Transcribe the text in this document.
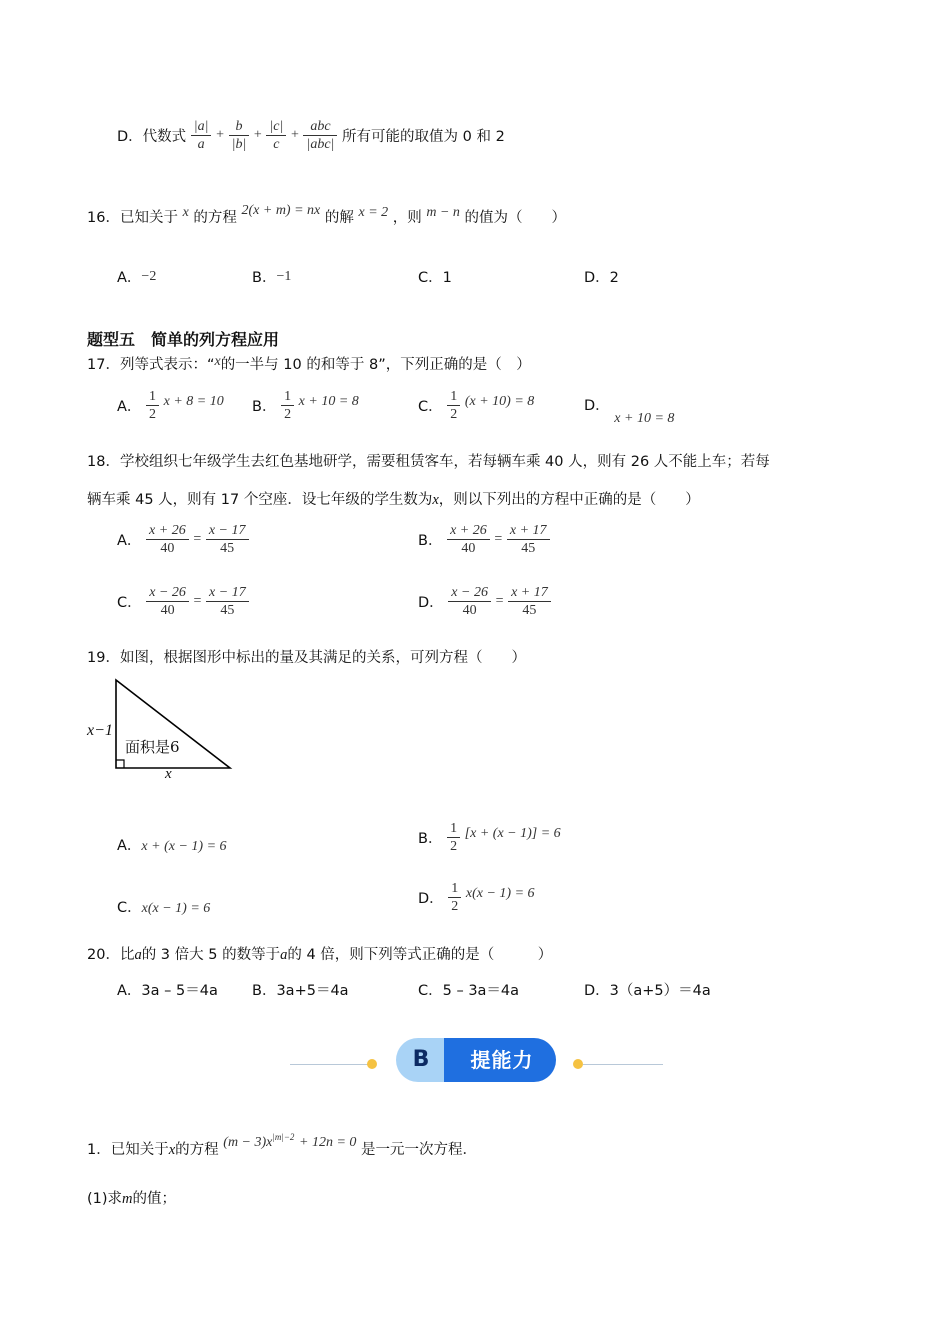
D．代数式 $\frac{|a|}{a} + \frac{b}{|b|} + \frac{|c|}{c} + \frac{\text{abc}}{\text{|abc|}}$ 所有可能的取值为 0 和 2
16．已知关于 x 的方程 2(x + m) = nx 的解 x = 2 ，则 m − n 的值为（　　）
A．−2	B．−1	C．1	D．2
题型五　简单的列方程应用
17．列等式表示：“x的一半与 10 的和等于 8”，下列正确的是（　）
A． $\frac{1}{2}$ x + 8 = 10 B． $\frac{1}{2}$ x + 10 = 8	C． $\frac{1}{2} (x + 10) = 8$	D． x + 10 = 8
18．学校组织七年级学生去红色基地研学，需要租赁客车，若每辆车乘 40 人，则有 26 人不能上车；若每
辆车乘 45 人，则有 17 个空座．设七年级的学生数为x，则以下列出的方程中正确的是（　　）
A． $\frac{x + 26}{40} = \frac{x - 17}{45}$	B． $\frac{x + 26}{40} = \frac{x + 17}{45}$
C． $\frac{x - 26}{40} = \frac{x - 17}{45}$	D． $\frac{x - 26}{40} = \frac{x + 17}{45}$
19．如图，根据图形中标出的量及其满足的关系，可列方程（　　）
x−1
面积是6
x
A．x + (x − 1) = 6	B． $\frac{1}{2} [x + (x - 1)] = 6$
C．x(x − 1) = 6
D． $\frac{1}{2} x(x - 1) = 6$
20．比a的 3 倍大 5 的数等于a的 4 倍，则下列等式正确的是（　　　）
A．3a – 5＝4a B．3a+5＝4a	C．5 – 3a＝4a	D．3（a+5）＝4a
B	提能力
1．已知关于x的方程 $(m - 3)x^{|m|-2} + 12n = 0$ 是一元一次方程．
(1)求m的值；
